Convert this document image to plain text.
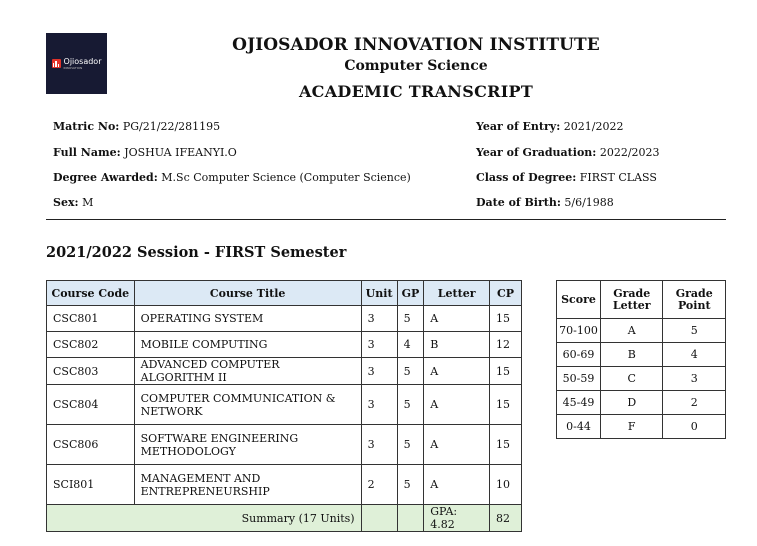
Ojiosador
INNOVATION
OJIOSADOR INNOVATION INSTITUTE
Computer Science
ACADEMIC TRANSCRIPT
Matric No: PG/21/22/281195
Full Name: JOSHUA IFEANYI.O
Degree Awarded: M.Sc Computer Science (Computer Science)
Sex: M
Year of Entry: 2021/2022
Year of Graduation: 2022/2023
Class of Degree: FIRST CLASS
Date of Birth: 5/6/1988
2021/2022 Session - FIRST Semester
Course Code	Course Title	Unit	GP	Letter	CP
CSC801	OPERATING SYSTEM	3	5	A	15
CSC802	MOBILE COMPUTING	3	4	B	12
CSC803	ADVANCED COMPUTER ALGORITHM II	3	5	A	15
CSC804	COMPUTER COMMUNICATION & NETWORK	3	5	A	15
CSC806	SOFTWARE ENGINEERING METHODOLOGY	3	5	A	15
SCI801	MANAGEMENT AND ENTREPRENEURSHIP	2	5	A	10
Summary (17 Units)				GPA: 4.82	82
Score	Grade Letter	Grade Point
70-100	A	5
60-69	B	4
50-59	C	3
45-49	D	2
0-44	F	0
